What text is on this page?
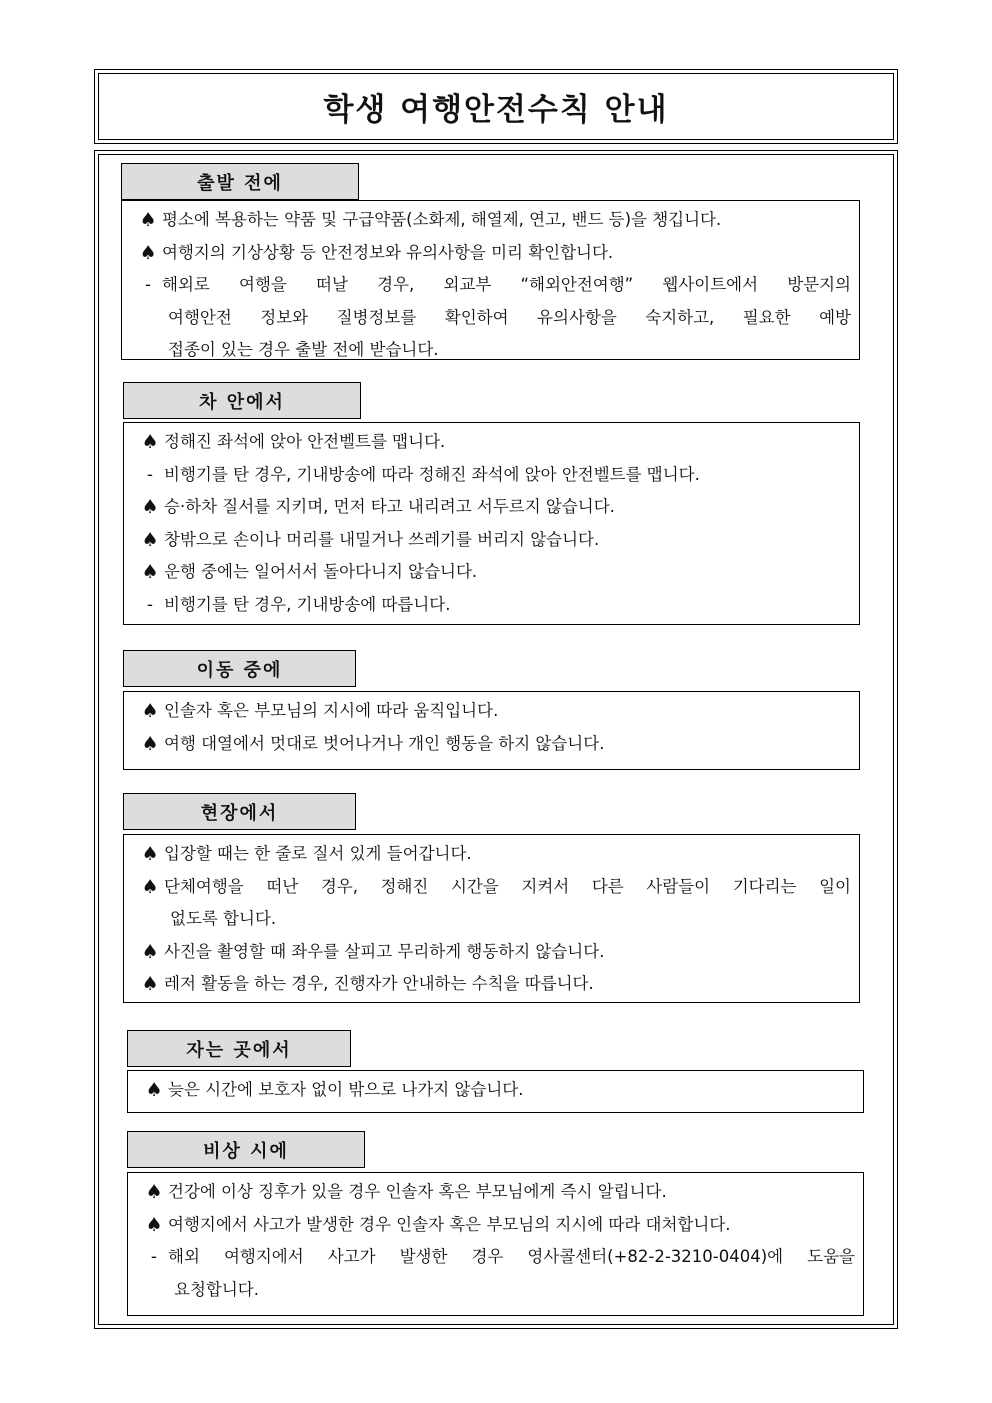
학생 여행안전수칙 안내
출발 전에
♠ 평소에 복용하는 약품 및 구급약품(소화제, 해열제, 연고, 밴드 등)을 챙깁니다.
♠ 여행지의 기상상황 등 안전정보와 유의사항을 미리 확인합니다.
- 해외로 여행을 떠날 경우, 외교부 “해외안전여행” 웹사이트에서 방문지의
여행안전 정보와 질병정보를 확인하여 유의사항을 숙지하고, 필요한 예방
접종이 있는 경우 출발 전에 받습니다.
차 안에서
♠ 정해진 좌석에 앉아 안전벨트를 맵니다.
- 비행기를 탄 경우, 기내방송에 따라 정해진 좌석에 앉아 안전벨트를 맵니다.
♠ 승·하차 질서를 지키며, 먼저 타고 내리려고 서두르지 않습니다.
♠ 창밖으로 손이나 머리를 내밀거나 쓰레기를 버리지 않습니다.
♠ 운행 중에는 일어서서 돌아다니지 않습니다.
- 비행기를 탄 경우, 기내방송에 따릅니다.
이동 중에
♠ 인솔자 혹은 부모님의 지시에 따라 움직입니다.
♠ 여행 대열에서 멋대로 벗어나거나 개인 행동을 하지 않습니다.
현장에서
♠ 입장할 때는 한 줄로 질서 있게 들어갑니다.
♠ 단체여행을 떠난 경우, 정해진 시간을 지켜서 다른 사람들이 기다리는 일이
없도록 합니다.
♠ 사진을 촬영할 때 좌우를 살피고 무리하게 행동하지 않습니다.
♠ 레저 활동을 하는 경우, 진행자가 안내하는 수칙을 따릅니다.
자는 곳에서
♠ 늦은 시간에 보호자 없이 밖으로 나가지 않습니다.
비상 시에
♠ 건강에 이상 징후가 있을 경우 인솔자 혹은 부모님에게 즉시 알립니다.
♠ 여행지에서 사고가 발생한 경우 인솔자 혹은 부모님의 지시에 따라 대처합니다.
- 해외 여행지에서 사고가 발생한 경우 영사콜센터(+82-2-3210-0404)에 도움을
요청합니다.
